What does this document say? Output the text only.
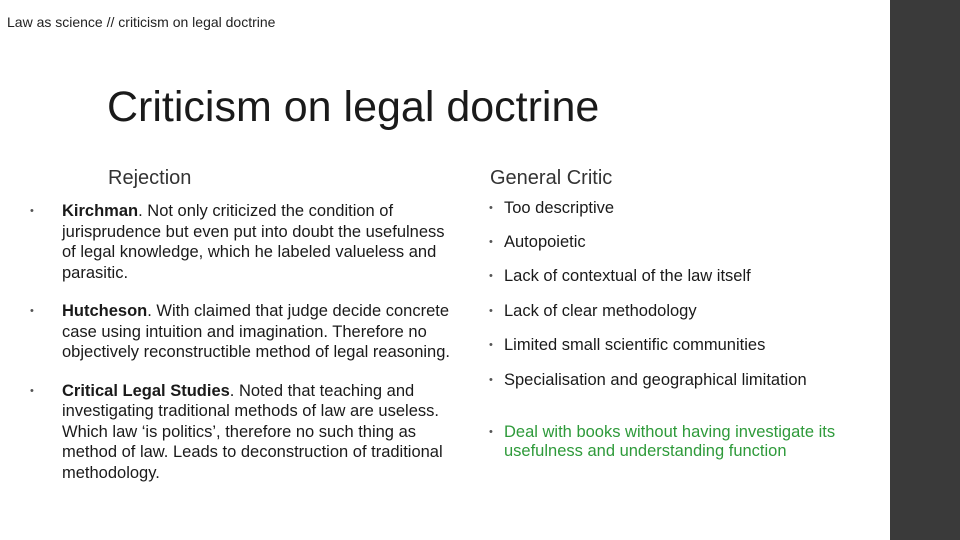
Law as science // criticism on legal doctrine
Criticism on legal doctrine
Rejection	General Critic
• Kirchman. Not only criticized the condition of jurisprudence but even put into doubt the usefulness of legal knowledge, which he labeled valueless and parasitic.
• Hutcheson. With claimed that judge decide concrete case using intuition and imagination. Therefore no objectively reconstructible method of legal reasoning.
• Critical Legal Studies. Noted that teaching and investigating traditional methods of law are useless. Which law ‘is politics’, therefore no such thing as method of law. Leads to deconstruction of traditional methodology.
• Too descriptive
• Autopoietic
• Lack of contextual of the law itself
• Lack of clear methodology
• Limited small scientific communities
• Specialisation and geographical limitation
• Deal with books without having investigate its usefulness and understanding function
